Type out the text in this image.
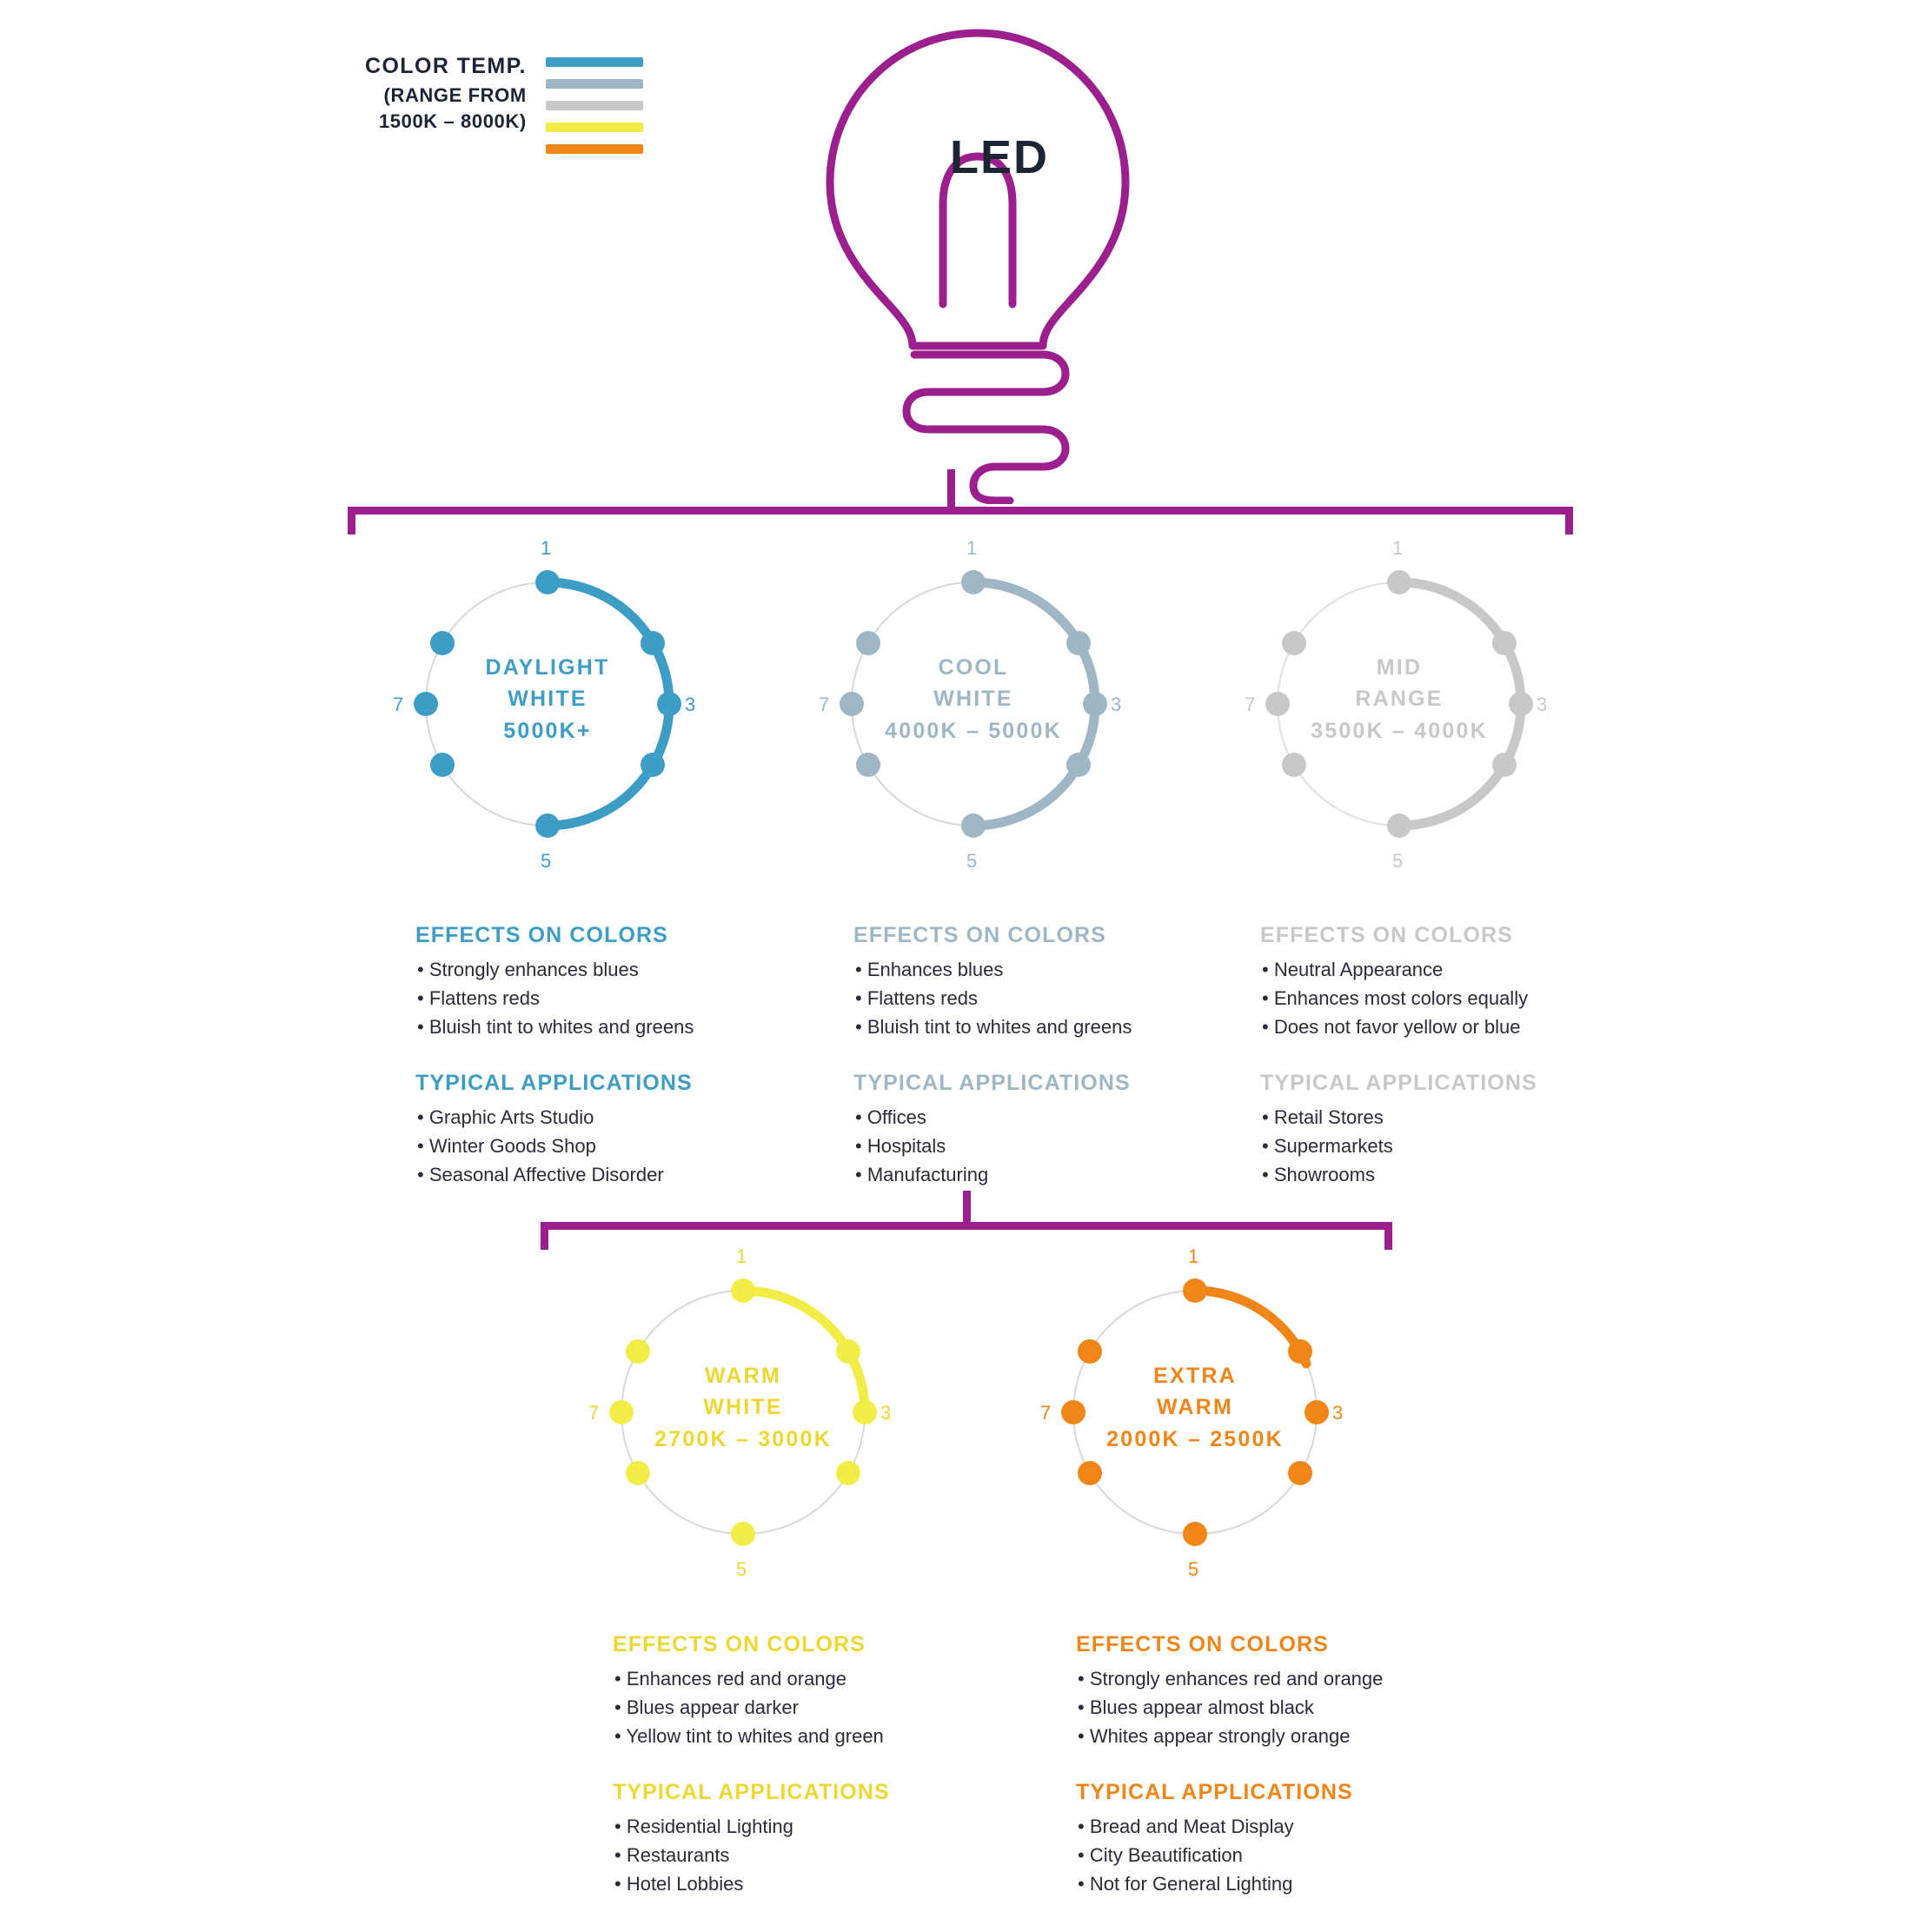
COLOR TEMP.
(RANGE FROM
1500K – 8000K)
LED
1
3
5
7
DAYLIGHT
WHITE
5000K+
1
3
5
7
COOL
WHITE
4000K – 5000K
1
3
5
7
MID
RANGE
3500K – 4000K
EFFECTS ON COLORS
• Strongly enhances blues
• Flattens reds
• Bluish tint to whites and greens
TYPICAL APPLICATIONS
• Graphic Arts Studio
• Winter Goods Shop
• Seasonal Affective Disorder
EFFECTS ON COLORS
• Enhances blues
• Flattens reds
• Bluish tint to whites and greens
TYPICAL APPLICATIONS
• Offices
• Hospitals
• Manufacturing
EFFECTS ON COLORS
• Neutral Appearance
• Enhances most colors equally
• Does not favor yellow or blue
TYPICAL APPLICATIONS
• Retail Stores
• Supermarkets
• Showrooms
1
3
5
7
WARM
WHITE
2700K – 3000K
1
3
5
7
EXTRA
WARM
2000K – 2500K
EFFECTS ON COLORS
• Enhances red and orange
• Blues appear darker
• Yellow tint to whites and green
TYPICAL APPLICATIONS
• Residential Lighting
• Restaurants
• Hotel Lobbies
EFFECTS ON COLORS
• Strongly enhances red and orange
• Blues appear almost black
• Whites appear strongly orange
TYPICAL APPLICATIONS
• Bread and Meat Display
• City Beautification
• Not for General Lighting
